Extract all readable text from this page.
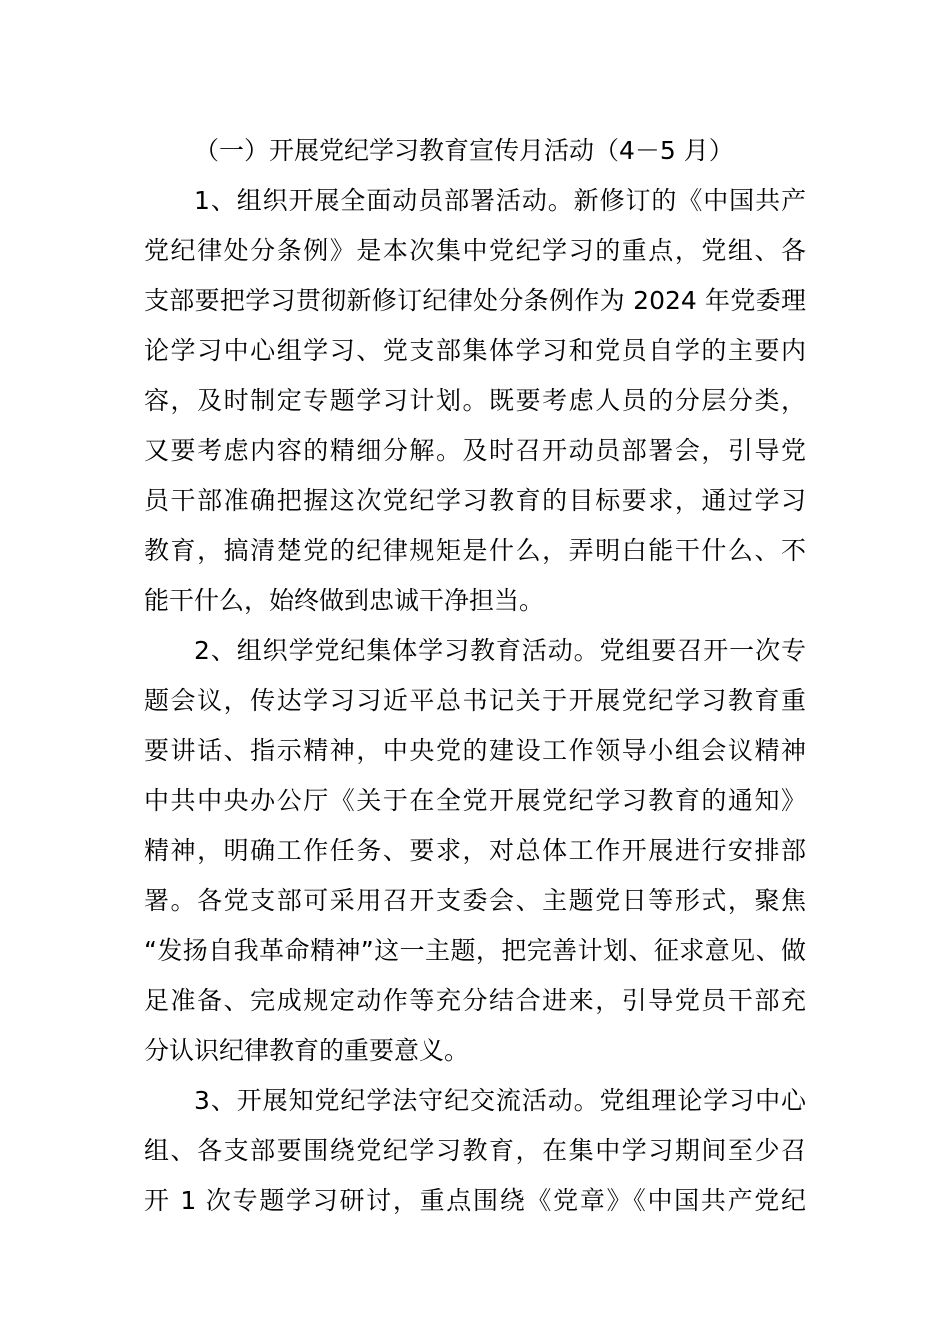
（一）开展党纪学习教育宣传月活动（4－5 月）
1、组织开展全面动员部署活动。新修订的《中国共产
党纪律处分条例》是本次集中党纪学习的重点，党组、各
支部要把学习贯彻新修订纪律处分条例作为 2024 年党委理
论学习中心组学习、党支部集体学习和党员自学的主要内
容，及时制定专题学习计划。既要考虑人员的分层分类，
又要考虑内容的精细分解。及时召开动员部署会，引导党
员干部准确把握这次党纪学习教育的目标要求，通过学习
教育，搞清楚党的纪律规矩是什么，弄明白能干什么、不
能干什么，始终做到忠诚干净担当。
2、组织学党纪集体学习教育活动。党组要召开一次专
题会议，传达学习习近平总书记关于开展党纪学习教育重
要讲话、指示精神，中央党的建设工作领导小组会议精神
中共中央办公厅《关于在全党开展党纪学习教育的通知》
精神，明确工作任务、要求，对总体工作开展进行安排部
署。各党支部可采用召开支委会、主题党日等形式，聚焦
“发扬自我革命精神”这一主题，把完善计划、征求意见、做
足准备、完成规定动作等充分结合进来，引导党员干部充
分认识纪律教育的重要意义。
3、开展知党纪学法守纪交流活动。党组理论学习中心
组、各支部要围绕党纪学习教育，在集中学习期间至少召
开 1 次专题学习研讨，重点围绕《党章》《中国共产党纪
